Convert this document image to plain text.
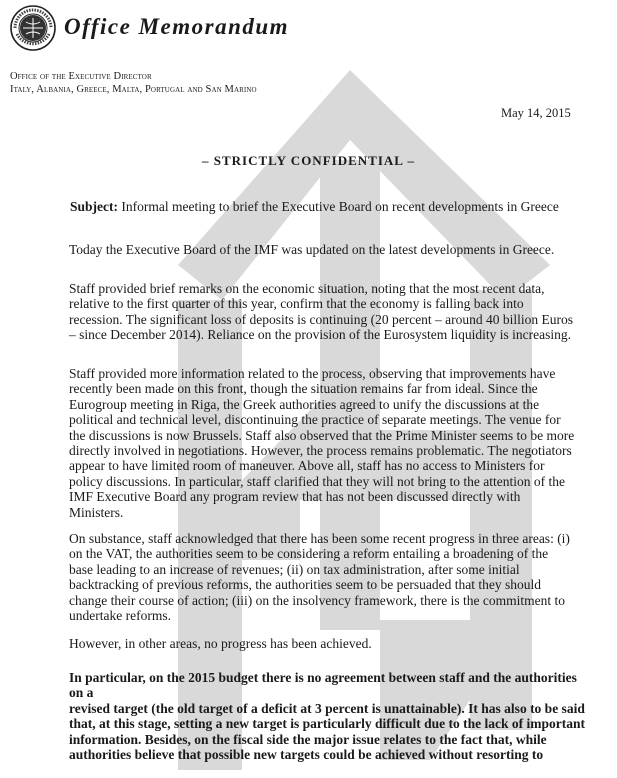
Office Memorandum
Office of the Executive Director
Italy, Albania, Greece, Malta, Portugal and San Marino
May 14, 2015
– STRICTLY CONFIDENTIAL –
Subject: Informal meeting to brief the Executive Board on recent developments in Greece
Today the Executive Board of the IMF was updated on the latest developments in Greece.
Staff provided brief remarks on the economic situation, noting that the most recent data,
relative to the first quarter of this year, confirm that the economy is falling back into
recession. The significant loss of deposits is continuing (20 percent – around 40 billion Euros
– since December 2014). Reliance on the provision of the Eurosystem liquidity is increasing.
Staff provided more information related to the process, observing that improvements have
recently been made on this front, though the situation remains far from ideal. Since the
Eurogroup meeting in Riga, the Greek authorities agreed to unify the discussions at the
political and technical level, discontinuing the practice of separate meetings. The venue for
the discussions is now Brussels. Staff also observed that the Prime Minister seems to be more
directly involved in negotiations. However, the process remains problematic. The negotiators
appear to have limited room of maneuver. Above all, staff has no access to Ministers for
policy discussions. In particular, staff clarified that they will not bring to the attention of the
IMF Executive Board any program review that has not been discussed directly with
Ministers.
On substance, staff acknowledged that there has been some recent progress in three areas: (i)
on the VAT, the authorities seem to be considering a reform entailing a broadening of the
base leading to an increase of revenues; (ii) on tax administration, after some initial
backtracking of previous reforms, the authorities seem to be persuaded that they should
change their course of action; (iii) on the insolvency framework, there is the commitment to
undertake reforms.
However, in other areas, no progress has been achieved.
In particular, on the 2015 budget there is no agreement between staff and the authorities on a
revised target (the old target of a deficit at 3 percent is unattainable). It has also to be said
that, at this stage, setting a new target is particularly difficult due to the lack of important
information. Besides, on the fiscal side the major issue relates to the fact that, while
authorities believe that possible new targets could be achieved without resorting to
